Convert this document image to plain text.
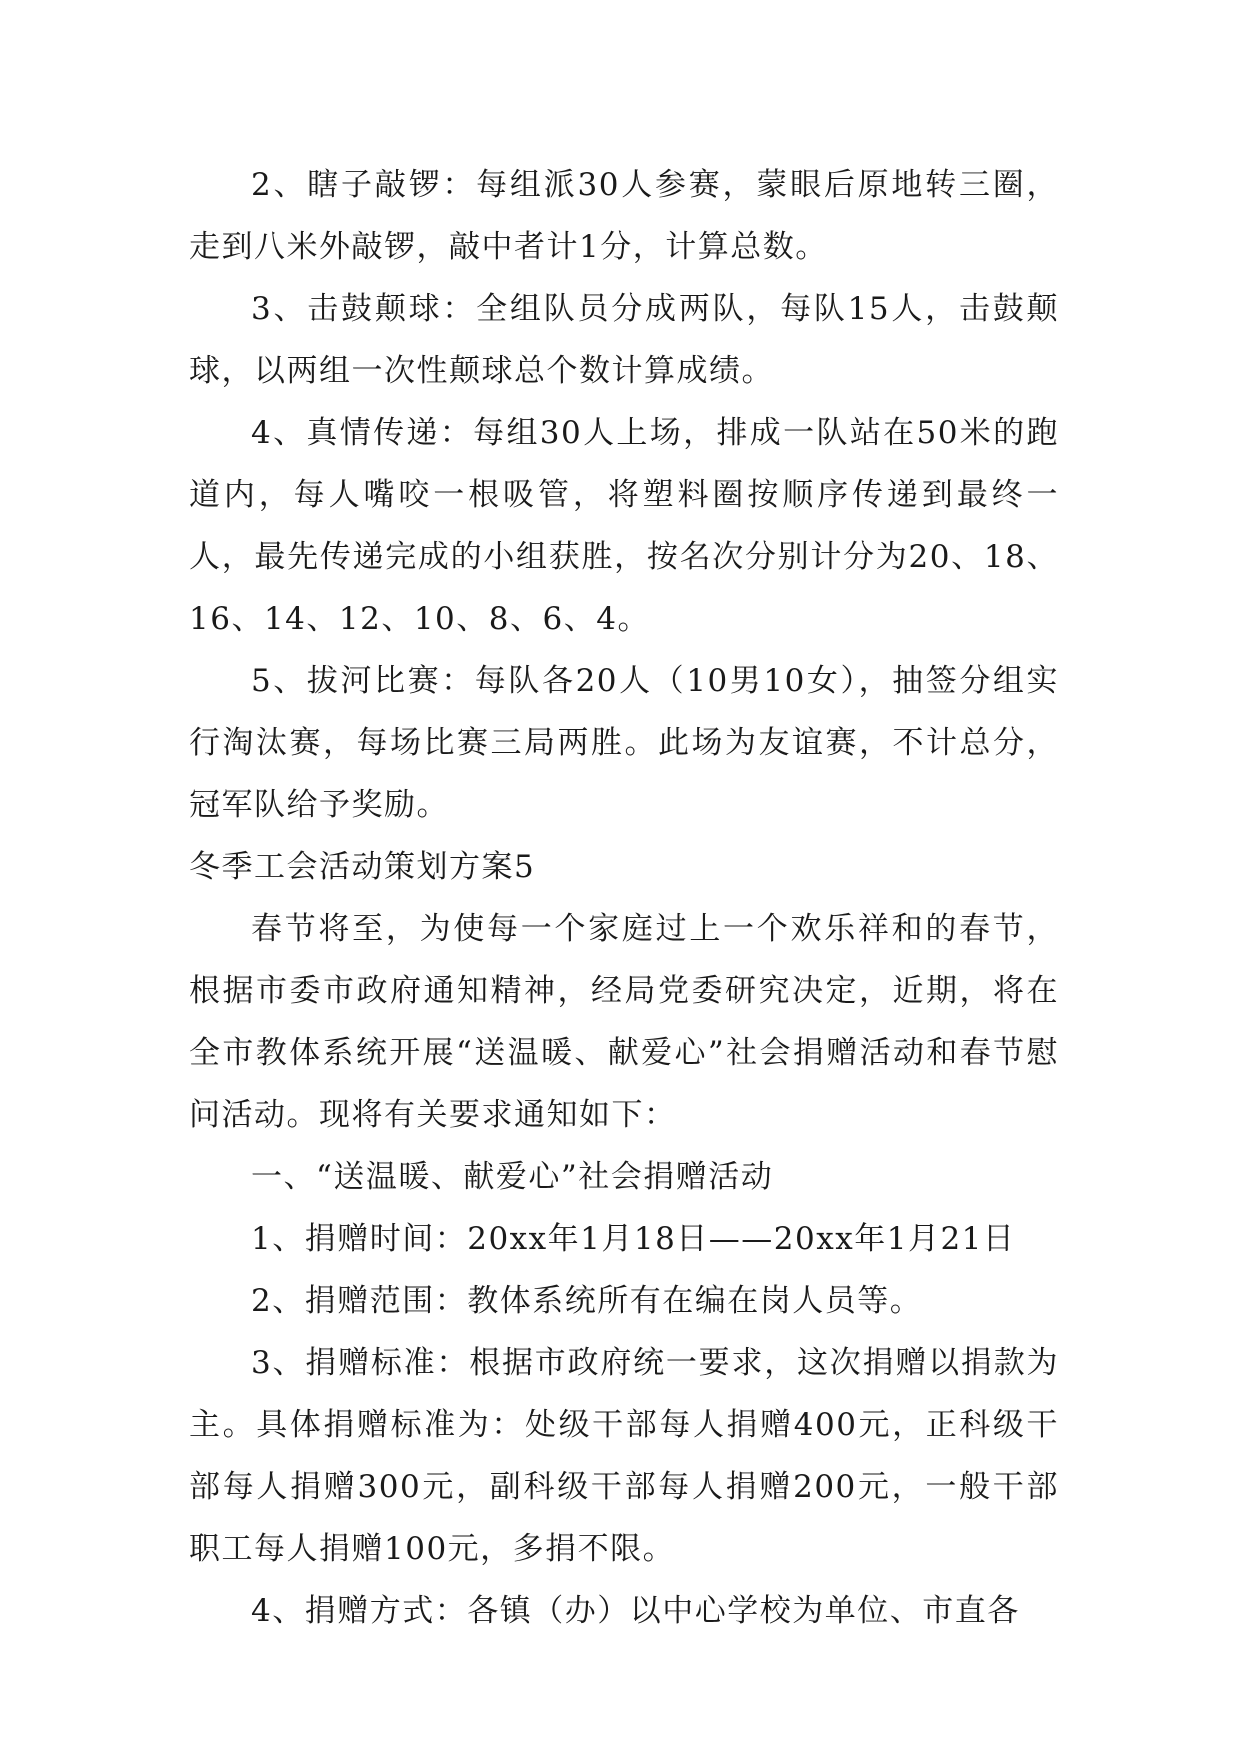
2、瞎子敲锣：每组派30人参赛，蒙眼后原地转三圈，走到八米外敲锣，敲中者计1分，计算总数。

3、击鼓颠球：全组队员分成两队，每队15人，击鼓颠球，以两组一次性颠球总个数计算成绩。

4、真情传递：每组30人上场，排成一队站在50米的跑道内，每人嘴咬一根吸管，将塑料圈按顺序传递到最终一人，最先传递完成的小组获胜，按名次分别计分为20、18、16、14、12、10、8、6、4。

5、拔河比赛：每队各20人（10男10女），抽签分组实行淘汰赛，每场比赛三局两胜。此场为友谊赛，不计总分，冠军队给予奖励。

冬季工会活动策划方案5

春节将至，为使每一个家庭过上一个欢乐祥和的春节，根据市委市政府通知精神，经局党委研究决定，近期，将在全市教体系统开展“送温暖、献爱心”社会捐赠活动和春节慰问活动。现将有关要求通知如下：

一、“送温暖、献爱心”社会捐赠活动

1、捐赠时间：20xx年1月18日——20xx年1月21日

2、捐赠范围：教体系统所有在编在岗人员等。

3、捐赠标准：根据市政府统一要求，这次捐赠以捐款为主。具体捐赠标准为：处级干部每人捐赠400元，正科级干部每人捐赠300元，副科级干部每人捐赠200元，一般干部职工每人捐赠100元，多捐不限。

4、捐赠方式：各镇（办）以中心学校为单位、市直各
